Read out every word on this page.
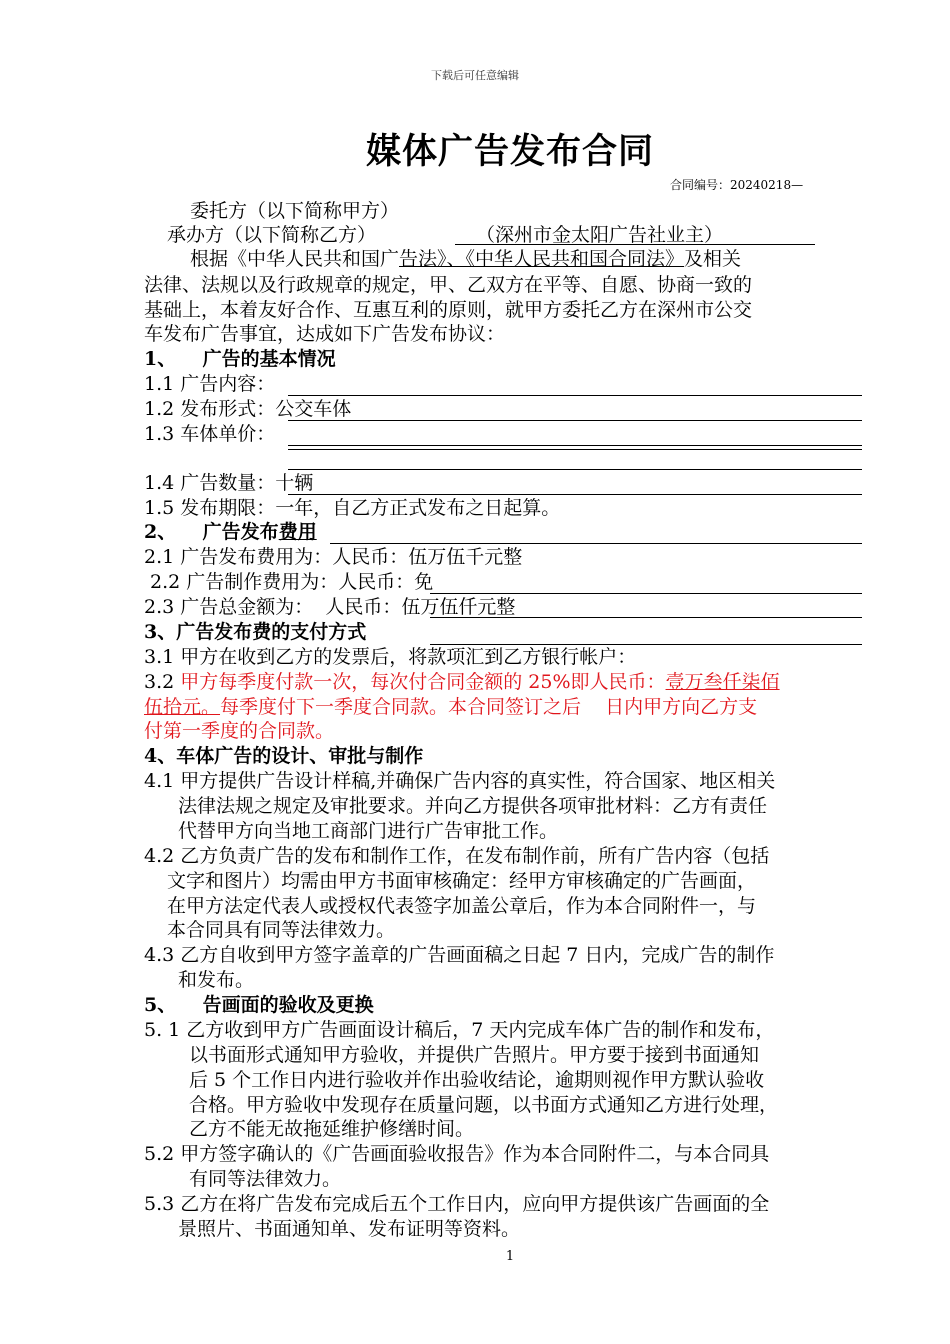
下载后可任意编辑
媒体广告发布合同
合同编号：20240218—
委托方（以下简称甲方）
承办方（以下简称乙方）	（深州市金太阳广告社业主）
根据《中华人民共和国广告法》、《中华人民共和国合同法》及相关
法律、法规以及行政规章的规定，甲、乙双方在平等、自愿、协商一致的
基础上，本着友好合作、互惠互利的原则，就甲方委托乙方在深州市公交
车发布广告事宜，达成如下广告发布协议：
1、    广告的基本情况
1.1 广告内容：
1.2 发布形式：公交车体
1.3 车体单价：
1.4 广告数量：十辆
1.5 发布期限：一年，自乙方正式发布之日起算。
2、    广告发布费用
2.1 广告发布费用为：人民币：伍万伍千元整
2.2 广告制作费用为：人民币：免
2.3 广告总金额为：  人民币：伍万伍仟元整
3、广告发布费的支付方式
3.1 甲方在收到乙方的发票后，将款项汇到乙方银行帐户：
3.2 甲方每季度付款一次，每次付合同金额的 25%即人民币：壹万叁仟柒佰
伍拾元。每季度付下一季度合同款。本合同签订之后    日内甲方向乙方支
付第一季度的合同款。
4、车体广告的设计、审批与制作
4.1 甲方提供广告设计样稿,并确保广告内容的真实性，符合国家、地区相关
法律法规之规定及审批要求。并向乙方提供各项审批材料：乙方有责任
代替甲方向当地工商部门进行广告审批工作。
4.2 乙方负责广告的发布和制作工作，在发布制作前，所有广告内容（包括
文字和图片）均需由甲方书面审核确定：经甲方审核确定的广告画面，
在甲方法定代表人或授权代表签字加盖公章后，作为本合同附件一，与
本合同具有同等法律效力。
4.3 乙方自收到甲方签字盖章的广告画面稿之日起 7 日内，完成广告的制作
和发布。
5、    告画面的验收及更换
5. 1 乙方收到甲方广告画面设计稿后，7 天内完成车体广告的制作和发布，
以书面形式通知甲方验收，并提供广告照片。甲方要于接到书面通知
后 5 个工作日内进行验收并作出验收结论，逾期则视作甲方默认验收
合格。甲方验收中发现存在质量问题，以书面方式通知乙方进行处理，
乙方不能无故拖延维护修缮时间。
5.2 甲方签字确认的《广告画面验收报告》作为本合同附件二，与本合同具
有同等法律效力。
5.3 乙方在将广告发布完成后五个工作日内，应向甲方提供该广告画面的全
景照片、书面通知单、发布证明等资料。
1
